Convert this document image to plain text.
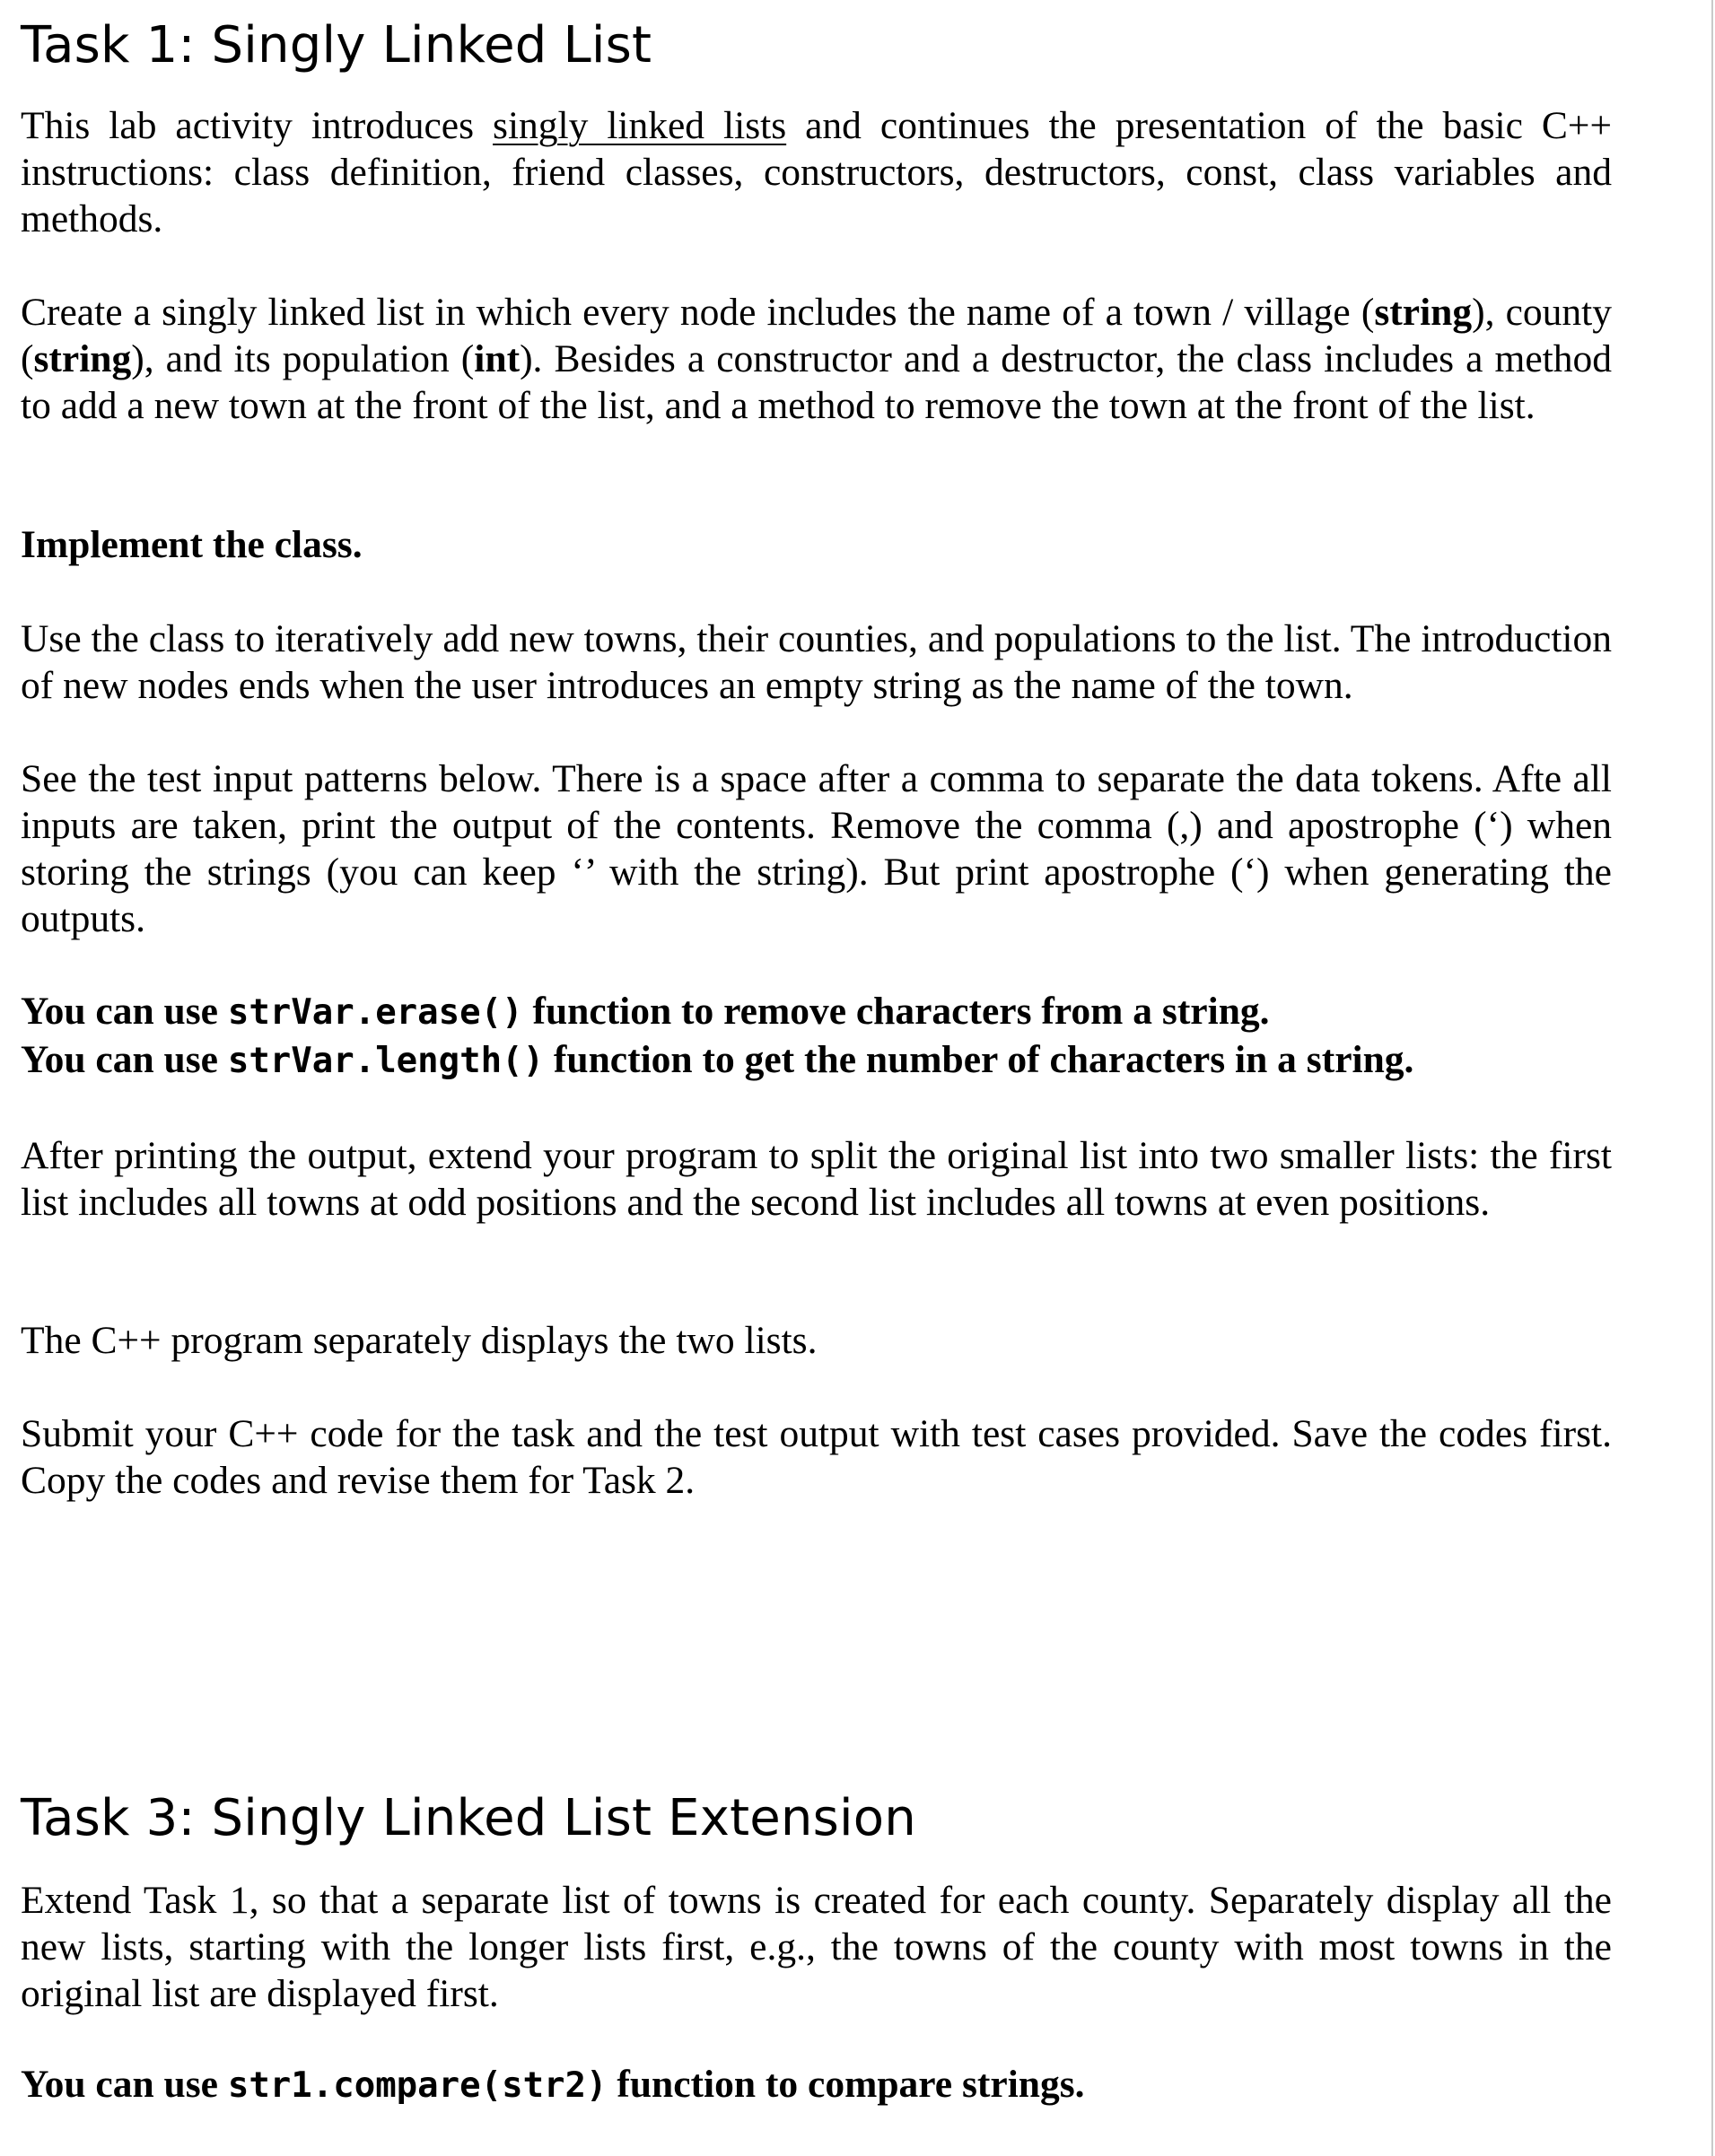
Task 1: Singly Linked List

This lab activity introduces singly linked lists and continues the presentation of the basic C++ instructions: class definition, friend classes, constructors, destructors, const, class variables and methods.

Create a singly linked list in which every node includes the name of a town / village (string), county (string), and its population (int). Besides a constructor and a destructor, the class includes a method to add a new town at the front of the list, and a method to remove the town at the front of the list.

Implement the class.

Use the class to iteratively add new towns, their counties, and populations to the list. The introduction of new nodes ends when the user introduces an empty string as the name of the town.

See the test input patterns below. There is a space after a comma to separate the data tokens. Afte all inputs are taken, print the output of the contents. Remove the comma (,) and apostrophe (‘) when storing the strings (you can keep ‘’ with the string). But print apostrophe (‘) when generating the outputs.

You can use strVar.erase() function to remove characters from a string.

You can use strVar.length() function to get the number of characters in a string.

After printing the output, extend your program to split the original list into two smaller lists: the first list includes all towns at odd positions and the second list includes all towns at even positions.

The C++ program separately displays the two lists.

Submit your C++ code for the task and the test output with test cases provided. Save the codes first. Copy the codes and revise them for Task 2.

Task 3: Singly Linked List Extension

Extend Task 1, so that a separate list of towns is created for each county. Separately display all the new lists, starting with the longer lists first, e.g., the towns of the county with most towns in the original list are displayed first.

You can use str1.compare(str2) function to compare strings.
